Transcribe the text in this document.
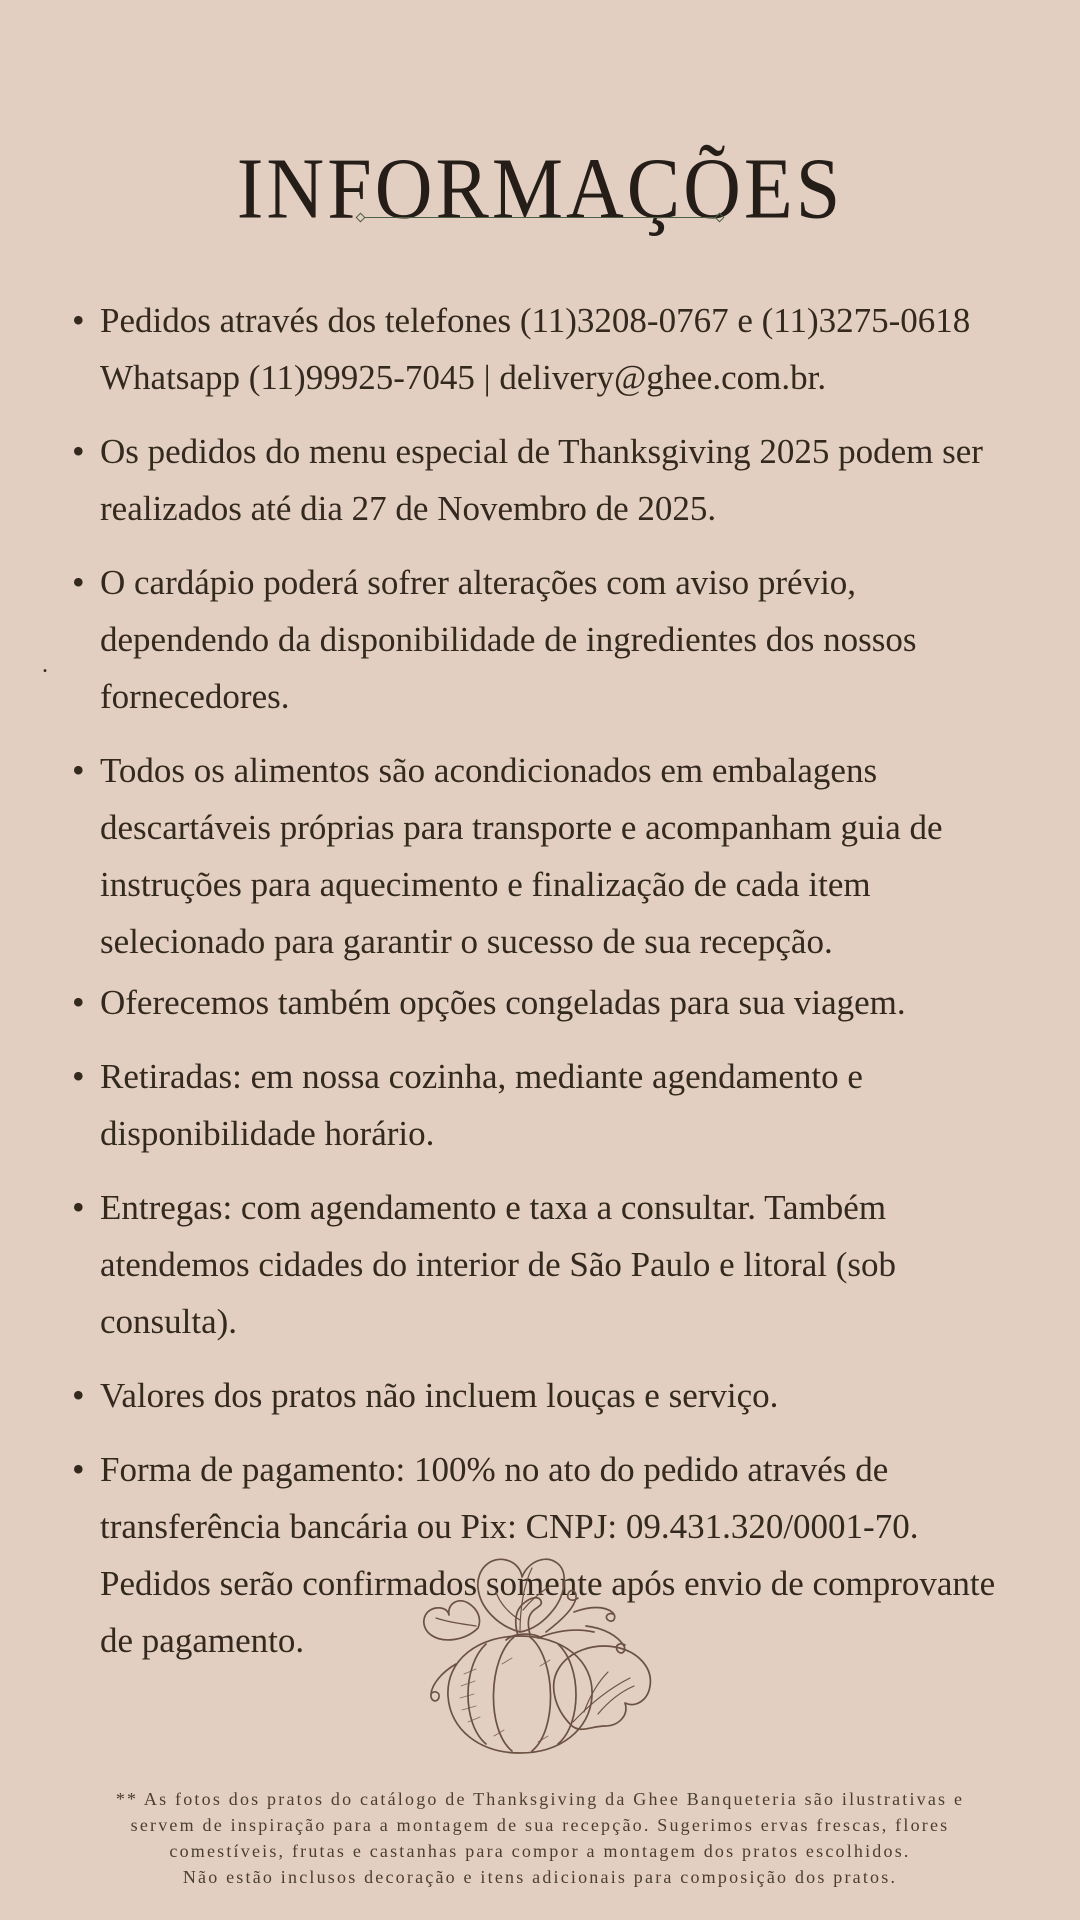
INFORMAÇÕES
• Pedidos através dos telefones (11)3208-0767 e (11)3275-0618 Whatsapp (11)99925-7045 | delivery@ghee.com.br.
• Os pedidos do menu especial de Thanksgiving 2025 podem ser realizados até dia 27 de Novembro de 2025.
• O cardápio poderá sofrer alterações com aviso prévio, dependendo da disponibilidade de ingredientes dos nossos fornecedores.
• Todos os alimentos são acondicionados em embalagens descartáveis próprias para transporte e acompanham guia de instruções para aquecimento e finalização de cada item selecionado para garantir o sucesso de sua recepção.
• Oferecemos também opções congeladas para sua viagem.
• Retiradas: em nossa cozinha, mediante agendamento e disponibilidade horário.
• Entregas: com agendamento e taxa a consultar. Também atendemos cidades do interior de São Paulo e litoral (sob consulta).
• Valores dos pratos não incluem louças e serviço.
• Forma de pagamento: 100% no ato do pedido através de transferência bancária ou Pix: CNPJ: 09.431.320/0001-70. Pedidos serão confirmados somente após envio de comprovante de pagamento.
.
** As fotos dos pratos do catálogo de Thanksgiving da Ghee Banqueteria são ilustrativas e
servem de inspiração para a montagem de sua recepção. Sugerimos ervas frescas, flores
comestíveis, frutas e castanhas para compor a montagem dos pratos escolhidos.
Não estão inclusos decoração e itens adicionais para composição dos pratos.
